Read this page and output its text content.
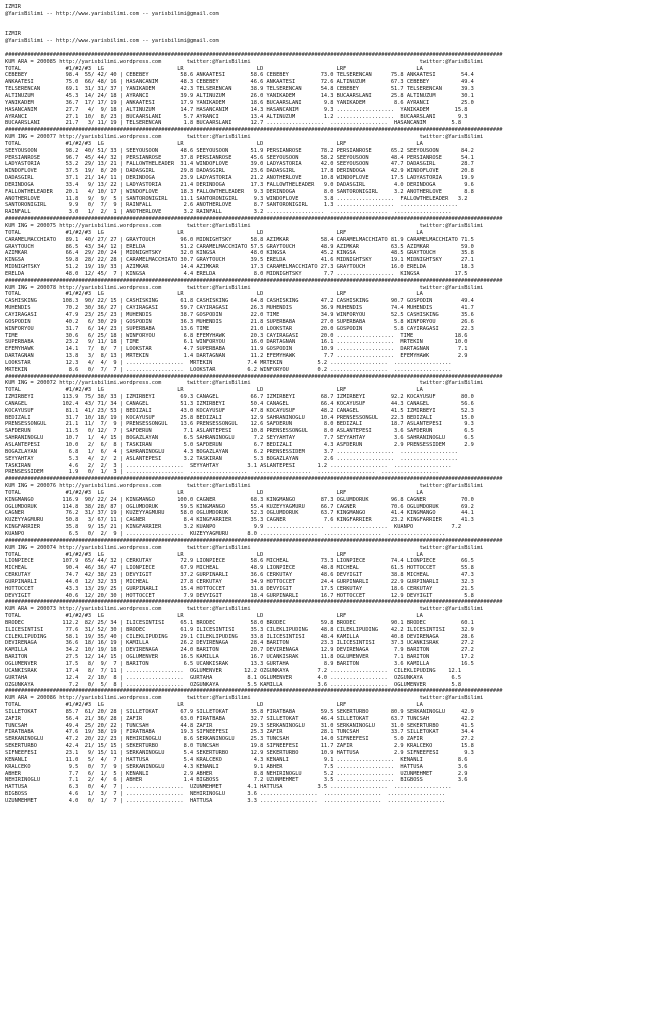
IZMIR
@YarisBilimi -- http://www.yarisbilimi.com -- yarisbilimi@gmail.com

IZMIR
@YarisBilimi -- http://www.yarisbilimi.com -- yarisbilimi@gmail.com

############################################################################################################################################################
KUM ARA = 200085 http://yarisbilimi.wordpress.com        twitter:@YarisBilimi                                                     twitter:@YarisBilimi
TOTAL              #1/#2/#3  LG                       LR                       LD                       LRF                      LA
CEBEBEY            98.4  55/ 42/ 40 | CEBEBEY          58.6 ANKAATESI        58.6 CEBEBEY          73.0 TELSERENCAN      75.8 ANKAATESI        54.4
ANKAATESI          75.0  66/ 48/ 16 | HASANCANIM       48.3 CEBEBEY          46.6 ANKAATESI        72.6 ALTINUZUM        67.3 CEBEBEY          49.4
TELSERENCAN        69.1  31/ 31/ 37 | YANIKADEM        42.3 TELSERENCAN      38.9 TELSERENCAN      54.8 CEBEBEY          51.7 TELSERENCAN      39.3
ALTINUZUM          45.3  14/ 24/ 18 | AYRANCI          39.9 ALTINUZUM        26.0 YANIKADEM        14.3 BUCAARSLANI      25.8 ALTINUZUM        30.1
YANIKADEM          36.7  17/ 17/ 19 | ANKAATESI        17.9 YANIKADEM        18.6 BUCAARSLANI       9.8 YANIKADEM         8.6 AYRANCI          25.0
HASANCANIM         27.7   4/  9/ 18 | ALTINUZUM        14.7 HASANCANIM       14.3 HASANCANIM        9.3 ..................  YANIKADEM        15.8
AYRANCI            27.1  10/  8/ 23 | BUCAARSLANI       5.7 AYRANCI          13.4 ALTINUZUM         1.2 ..................  BUCAARSLANI       9.3
BUCAARSLANI        21.7   3/ 11/ 19 | TELSERENCAN       1.8 BUCAARSLANI      12.7 ..................  ..................  HASANCANIM        5.8
############################################################################################################################################################
KUM ING = 200077 http://yarisbilimi.wordpress.com        twitter:@YarisBilimi                                                     twitter:@YarisBilimi
TOTAL              #1/#2/#3  LG                       LR                       LD                       LRF                      LA
SEEYOUSOON         98.2  40/ 51/ 33 | SEEYOUSOON       48.6 SEEYOUSOON       51.9 PERSIANROSE      78.2 PERSIANROSE      65.2 SEEYOUSOON       84.2
PERSIANROSE        96.7  45/ 44/ 32 | PERSIANROSE      37.8 PERSIANROSE      45.6 SEEYOUSOON       58.2 SEEYOUSOON       48.4 PERSIANROSE      54.1
LADYASTORIA        53.2  29/ 13/ 21 | FALLOWTHELEADER  31.4 WINDOFLOVE       39.0 LADYASTORIA      42.0 SEEYOUSOON       47.7 DADASGIRL        28.7
WINDOFLOVE         37.5  19/  8/ 20 | DADASGIRL        29.8 DADASGIRL        23.6 DADASGIRL        17.8 DERINDOGA        42.9 WINDOFLOVE       20.8
DADASGIRL          37.1  21/ 14/ 11 | DERINDOGA        23.9 LADYASTORIA      21.2 ANOTHERLOVE      10.8 WINDOFLOVE       17.5 LADYASTORIA      19.9
DERINDOGA          33.4   9/ 13/ 22 | LADYASTORIA      21.4 DERINDOGA        17.3 FALLOWTHELEADER   9.0 DADASGIRL         4.0 DERINDOGA         9.6
FALLOWTHELEADER    20.1   4/ 10/ 17 | WINDOFLOVE       18.3 FALLOWTHELEADER   9.3 DERINDOGA         8.0 SANTORONIGIRL     3.2 ANOTHERLOVE       8.8
ANOTHERLOVE        11.8   9/  9/  5 | SANTORONIGIRL    11.1 SANTORONIGIRL     9.3 WINDOFLOVE        3.8 ..................  FALLOWTHELEADER   3.2
SANTORONIGIRL       9.9   0/  7/  9 | RAINFALL          2.6 ANOTHERLOVE       8.7 SANTORONIGIRL     1.3 ..................  ..................
RAINFALL            3.0   1/  2/  1 | ANOTHERLOVE       3.2 RAINFALL          3.2 ..................  ..................  ..................
############################################################################################################################################################
KUM ING = 200075 http://yarisbilimi.wordpress.com        twitter:@YarisBilimi                                                     twitter:@YarisBilimi
TOTAL              #1/#2/#3  LG                       LR                       LD                       LRF                      LA
CARAMELMACCHIATO   89.1  40/ 27/ 27 | GRAYTOUCH        96.0 MIDNIGHTSKY      58.8 AZIMKAR          58.4 CARAMELMACCHIATO 81.9 CARAMELMACCHIATO 71.5
GRAYTOUCH          86.5  43/ 34/ 12 | ERELDA           51.2 CARAMELMACCHIATO 57.5 GRAYTOUCH        48.9 AZIMKAR          63.5 AZIMKAR          59.0
AZIMKAR            66.4  29/ 20/ 24 | MIDNIGHTSKY      32.0 KINGSA           48.0 KINGSA           45.2 KINGSA           48.5 GRAYTOUCH        35.8
KINGSA             59.8  28/ 22/ 28 | CARAMELMACCHIATO 30.7 GRAYTOUCH        39.5 ERELDA           41.6 MIDNIGHTSKY      19.1 MIDNIGHTSKY      27.1
MIDNIGHTSKY        51.2  19/ 19/ 33 | AZIMKAR          14.4 AZIMKAR          17.3 CARAMELMACCHIATO 27.3 GRAYTOUCH        16.0 ERELDA           18.3
ERELDA             48.0  12/ 45/  7 | KINGSA            4.4 ERELDA            8.0 MIDNIGHTSKY       7.7 ..................  KINGSA           17.5
############################################################################################################################################################
KUM ING = 200078 http://yarisbilimi.wordpress.com        twitter:@YarisBilimi                                                     twitter:@YarisBilimi
TOTAL              #1/#2/#3  LG                       LR                       LD                       LRF                      LA
CASHISKING        108.3  90/ 22/ 15 | CASHISKING       61.8 CASHISKING       64.8 CASHISKING       47.2 CASHISKING       90.7 GOSPODIN         49.4
MUHENDIS           70.2  30/ 36/ 27 | CAYIRAGASI       59.7 CAYIRAGASI       26.3 MUHENDIS         36.9 MUHENDIS         74.4 MUHENDIS         41.7
CAYIRAGASI         47.9  23/ 25/ 23 | MUHENDIS         38.7 GOSPODIN         22.0 TIME             34.9 WINFORYOU        52.5 CASHISKING       35.6
GOSPODIN           40.2   6/ 30/ 29 | GOSPODIN         36.3 MUHENDIS         21.8 SUPERBABA        27.0 SUPERBABA         5.8 WINFORYOU        26.6
WINFORYOU          31.7   6/ 14/ 23 | SUPERBABA        13.6 TIME             21.0 LOOKSTAR         20.0 GOSPODIN          5.8 CAYIRAGASI       22.3
TIME               30.6   6/ 25/ 18 | WINFORYOU         6.8 EFEMYHAWK        20.3 CAYIRAGASI       20.0 ..................  TIME             18.6
SUPERBABA          23.2   9/ 11/ 18 | TIME              6.1 WINFORYOU        16.0 DARTAGNAN        16.1 ..................  MRTEKIN          10.0
EFEMYHAWK          14.1   7/  8/  7 | LOOKSTAR          4.7 SUPERBABA        11.9 GOSPODIN         10.9 ..................  DARTAGNAN         7.1
DARTAGNAN          13.8   3/  8/ 13 | MRTEKIN           1.4 DARTAGNAN        11.2 EFEMYHAWK         7.7 ..................  EFEMYHAWK         2.9
LOOKSTAR           12.3   4/  4/  9 | ..................  MRTEKIN           7.4 MRTEKIN           5.2 ..................  ..................
MRTEKIN             8.6   0/  7/  7 | ..................  LOOKSTAR          6.2 WINFORYOU         0.2 ..................  ..................
############################################################################################################################################################
KUM ING = 200072 http://yarisbilimi.wordpress.com        twitter:@YarisBilimi                                                     twitter:@YarisBilimi
TOTAL              #1/#2/#3  LG                       LR                       LD                       LRF                      LA
IZMIRBEYI         113.9  75/ 38/ 33 | IZMIRBEYI        69.3 CANAGEL          66.7 IZMIRBEYI        68.7 IZMIRBEYI        92.2 KOCAYUSUF        80.0
CANAGEL           102.4  43/ 71/ 34 | CANAGEL          51.3 IZMIRBEYI        50.4 CANAGEL          66.4 KOCAYUSUF        44.3 CANAGEL          56.6
KOCAYUSUF          81.1  41/ 23/ 53 | BEDIZALI         43.0 KOCAYUSUF        47.8 KOCAYUSUF        48.2 CANAGEL          41.5 IZMIRBEYI        52.3
BEDIZALI           31.7  10/ 18/ 19 | KOCAYUSUF        25.8 BEDIZALI         12.9 SAHRANINOGLU     10.4 PRENSESSONGUL    22.3 BEDIZALI         15.0
PRENSESSONGUL      21.1  11/  7/  9 | PRENSESSONGUL    13.6 PRENSESSONGUL    12.6 SAFDERUN          8.0 BEDIZALI         18.7 ASLANTEPESI       9.3
SAFDERUN           11.5   0/ 12/  7 | SAFDERUN          7.1 ASLANTEPESI      10.8 PRENSESSONGUL     8.0 ASLANTEPESI       3.6 SAFDERUN          6.5
SAHRANINOGLU       10.7   1/  4/ 15 | BOGAZLAYAN        6.5 SAHRANINOGLU      7.2 SEYYAHTAY         7.7 SEYYAHTAY         3.6 SAHRANINOGLU      6.5
ASLANTEPESI        10.0   2/  6/  8 | TASKIRAN          5.0 SAFDERUN          6.7 BEDIZALI          4.3 ASFDERUN          2.9 PRENSESSIDEM      2.9
BOGAZLAYAN          6.8   1/  6/  4 | SAHRANINOGLU      4.3 BOGAZLAYAN        6.2 PRENSESSIDEM      3.7 ..................  ..................
SEYYAHTAY           5.3   4/  2/  2 | ASLANTEPESI       3.2 TASKIRAN          5.3 BOGAZLAYAN        2.6 ..................  ..................
TASKIRAN            4.6   2/  2/  3 | ..................  SEYYAHTAY         3.1 ASLANTEPESI       1.2 ..................  ..................
PRENSESSIDEM        1.9   0/  1/  3 | ..................  ..................  ..................  ..................  ..................
############################################################################################################################################################
KUM ING = 200076 http://yarisbilimi.wordpress.com        twitter:@YarisBilimi                                                     twitter:@YarisBilimi
TOTAL              #1/#2/#3  LG                       LR                       LD                       LRF                      LA
KINGMANGO         116.9  90/ 22/ 24 | KINGMANGO       100.0 CAGNER           68.3 KINGMANGO        87.3 OGLUMDORUK       96.8 CAGNER           70.0
OGLUMDORUK        114.8  38/ 28/ 87 | OGLUMDORUK       59.5 KINGMANGO        55.4 KUZEYYAGMURU     66.7 CAGNER           70.6 OGLUMDORUK       69.2
CAGNER             76.2  31/ 37/ 19 | KUZEYYAGMURU     58.0 OGLUMDORUK       52.3 OGLUMDORUK       63.7 KINGMANGO        41.4 KINGMANGO        44.1
KUZEYYAGMURU       50.8   3/ 67/ 11 | CAGNER            8.4 KINGFARRIER      35.3 CAGNER            7.6 KINGFARRIER      23.2 KINGFARRIER      41.3
KINGFARRIER        35.8   9/ 15/ 21 | KINGFARRIER       3.2 KUANPO            9.9 ..................  ..................  KUANPO            7.2
KUANPO              6.5   0/  2/  9 | ..................  KUZEYYAGMURU      8.0 ..................  ..................  ..................
############################################################################################################################################################
KUM ING = 200074 http://yarisbilimi.wordpress.com        twitter:@YarisBilimi                                                     twitter:@YarisBilimi
TOTAL              #1/#2/#3  LG                       LR                       LD                       LRF                      LA
LIONPIECE         107.9  65/ 44/ 32 | CERKUTAY         72.9 LIONPIECE        58.6 MICHEAL          73.3 LIONPIECE        74.4 LIONPIECE        66.5
MICHEAL            90.4  46/ 36/ 47 | LIONPIECE        67.9 MICHEAL          48.9 LIONPIECE        48.8 MICHEAL          61.5 HOTTOCCET        55.8
CERKUTAY           74.7  42/ 38/ 23 | DEVYIGIT         37.2 GURPINARLI       36.6 CERKUTAY         48.6 DEVYIGIT         38.8 MICHEAL          47.3
GURPINARLI         44.0  12/ 32/ 33 | MICHEAL          27.8 CERKUTAY         34.9 HOTTOCCET        24.4 GURPINARLI       22.9 GURPINARLI       32.3
HOTTOCCET          43.3  13/ 29/ 25 | GURPINARLI       15.4 HOTTOCCET        31.8 DEVYIGIT         17.5 CERKUTAY         18.6 CERKUTAY         21.5
DEVYIGIT           40.6  12/ 20/ 30 | HOTTOCCET         7.9 DEVYIGIT         18.4 GURPINARLI       16.7 HOTTOCCET        12.9 DEVYIGIT          5.8
############################################################################################################################################################
KUM ARA = 200073 http://yarisbilimi.wordpress.com        twitter:@YarisBilimi                                                     twitter:@YarisBilimi
TOTAL              #1/#2/#3  LG                       LR                       LD                       LRF                      LA
BRODEC            112.2  82/ 25/ 34 | ILICESINTISI     65.1 BRODEC           58.0 BRODEC           59.8 BRODEC           90.1 BRODEC           60.1
ILICESINTISI       77.6  31/ 52/ 30 | BRODEC           61.9 ILICESINTISI     35.3 CILEKLIPUDING    48.8 CILEKLIPUDING    42.2 ILICESINTISI     32.9
CILEKLIPUDING      58.1  19/ 35/ 40 | CILEKLIPUDING    29.1 CILEKLIPUDING    33.8 ILICESINTISI     48.4 KAMILLA          40.8 DEVIRENAGA       28.6
DEVIRENAGA         36.6  18/ 16/ 19 | KAMILLA          26.2 DEVIRENAGA       28.4 BARITON          23.3 ILICESINTISI     37.3 UCANKISRAK       27.2
KAMILLA            34.2  10/ 19/ 18 | DEVIRENAGA       24.0 BARITON          20.7 DEVIRENAGA       12.9 DEVIRENAGA        7.9 BARITON          27.2
BARITON            27.5  12/ 14/ 15 | OGLUMENVER       16.5 KAMILLA          16.7 UCANKISRAK       11.8 OGLUMENVER        7.1 BARITON          17.2
OGLUMENVER         17.5   8/  9/  7 | BARITON           6.5 UCANKISRAK       13.3 GURTAHA           8.9 BARITON           3.6 KAMILLA          16.5
UCANKISRAK         17.4   8/  7/ 11 | ..................  OGLUMENVER       12.2 OZGUNKAYA         7.2 ..................  CILEKLIPUDING    12.1
GURTAHA            12.4   2/ 10/  8 | ..................  GURTAHA           8.1 OGLUMENVER        4.0 ..................  OZGUNKAYA         6.5
OZGUNKAYA           7.2   0/  5/  8 | ..................  OZGUNKAYA         5.5 KAMILLA           3.6 ..................  OGLUMENVER        5.8
############################################################################################################################################################
KUM ARA = 200086 http://yarisbilimi.wordpress.com        twitter:@YarisBilimi                                                     twitter:@YarisBilimi
TOTAL              #1/#2/#3  LG                       LR                       LD                       LRF                      LA
SILLETOKAT         85.7  61/ 20/ 28 | SILLETOKAT       67.9 SILLETOKAT       35.8 FIRATBABA        59.5 SEKERTURBO       80.9 SERKANINOGLU     42.9
ZAFIR              56.4  21/ 36/ 28 | ZAFIR            63.0 FIRATBABA        32.7 SILLETOKAT       46.4 SILLETOKAT       63.7 TUNCSAH          42.2
TUNCSAH            49.4  25/ 20/ 22 | TUNCSAH          44.8 ZAFIR            29.3 SERKANINOGLU     31.0 SERKANINOGLU     31.0 SEKERTURBO       41.5
FIRATBABA          47.6  19/ 38/ 19 | FIRATBABA        19.3 SIFNEEFESI       25.3 ZAFIR            28.1 TUNCSAH          33.7 SILLETOKAT       34.4
SERKANINOGLU       47.2  20/ 22/ 23 | NEHIRINOGLU       8.6 SERKANINOGLU     25.3 TUNCSAH          14.0 SIFNEEFESI        5.0 ZAFIR            27.2
SEKERTURBO         42.4  21/ 15/ 15 | SEKERTURBO        8.0 TUNCSAH          19.8 SIFNEEFESI       11.7 ZAFIR             2.9 KRALCEKO         15.8
SIFNEEFESI         23.1   9/ 15/ 11 | SERKANINOGLU      5.4 SEKERTURBO       12.9 SEKERTURBO       10.9 HATTUSA           2.9 SIFNEEFESI        9.3
KENANLI            11.0   5/  4/  7 | HATTUSA           5.4 KRALCEKO          4.3 KENANLI           9.1 ..................  KENANLI           8.6
KRALCEKO            9.5   0/  7/  9 | SERKANINOGLU      4.3 KENANLI           9.1 ABHER             7.5 ..................  HATTUSA           3.6
ABHER               7.7   6/  1/  5 | KENANLI           2.9 ABHER             8.8 NEHIRINOGLU       5.2 ..................  UZUNMEHMET        2.9
NEHIRINOGLU         7.1   2/  4/  6 | ABHER             1.4 BIGBOSS           7.2 UZUNMEHMET        3.5 ..................  BIGBOSS           3.6
HATTUSA             6.3   0/  4/  7 | ..................  UZUNMEHMET        4.1 HATTUSA           3.5 ..................  ..................
BIGBOSS             4.6   1/  3/  7 | ..................  NEHIRINOGLU       3.6 ..................  ..................  ..................
UZUNMEHMET          4.0   0/  1/  7 | ..................  HATTUSA           3.3 ..................  ..................  ..................
